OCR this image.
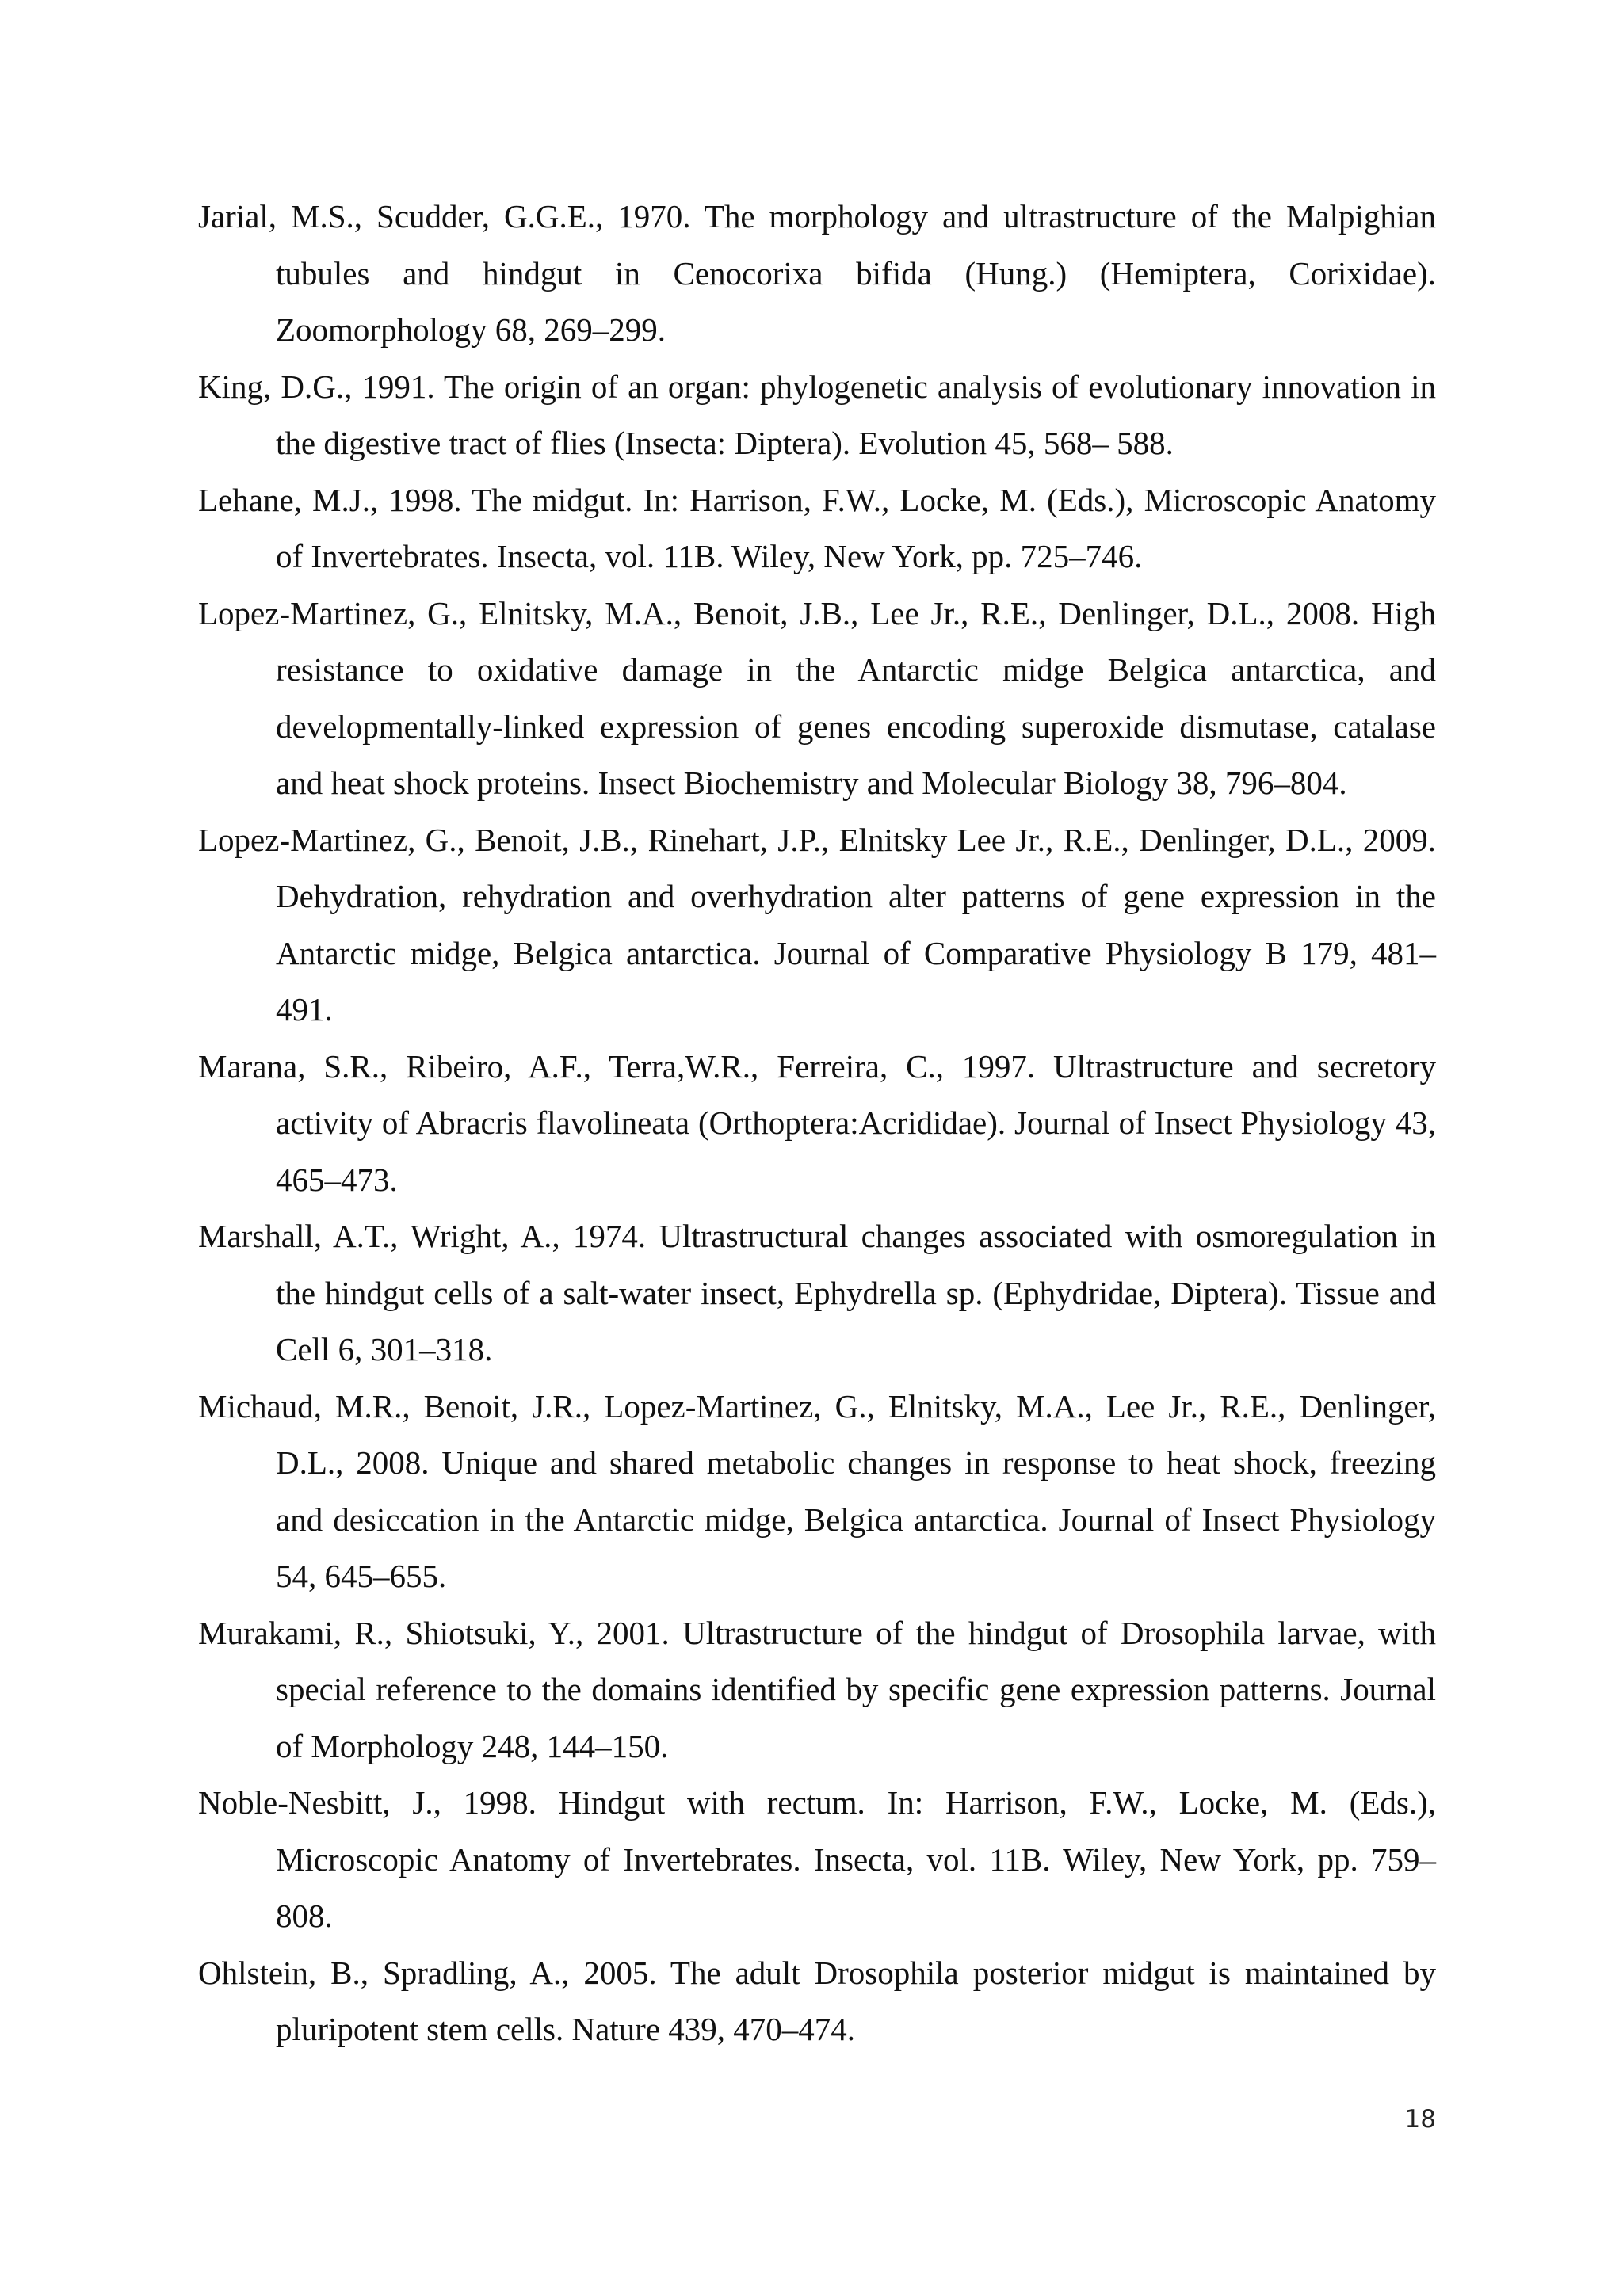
Jarial, M.S., Scudder, G.G.E., 1970. The morphology and ultrastructure of the Malpighian tubules and hindgut in Cenocorixa bifida (Hung.) (Hemiptera, Corixidae). Zoomorphology 68, 269–299.
King, D.G., 1991. The origin of an organ: phylogenetic analysis of evolutionary innovation in the digestive tract of flies (Insecta: Diptera). Evolution 45, 568– 588.
Lehane, M.J., 1998. The midgut. In: Harrison, F.W., Locke, M. (Eds.), Microscopic Anatomy of Invertebrates. Insecta, vol. 11B. Wiley, New York, pp. 725–746.
Lopez-Martinez, G., Elnitsky, M.A., Benoit, J.B., Lee Jr., R.E., Denlinger, D.L., 2008. High resistance to oxidative damage in the Antarctic midge Belgica antarctica, and developmentally-linked expression of genes encoding superoxide dismutase, catalase and heat shock proteins. Insect Biochemistry and Molecular Biology 38, 796–804.
Lopez-Martinez, G., Benoit, J.B., Rinehart, J.P., Elnitsky Lee Jr., R.E., Denlinger, D.L., 2009. Dehydration, rehydration and overhydration alter patterns of gene expression in the Antarctic midge, Belgica antarctica. Journal of Comparative Physiology B 179, 481–491.
Marana, S.R., Ribeiro, A.F., Terra,W.R., Ferreira, C., 1997. Ultrastructure and secretory activity of Abracris flavolineata (Orthoptera:Acrididae). Journal of Insect Physiology 43, 465–473.
Marshall, A.T., Wright, A., 1974. Ultrastructural changes associated with osmoregulation in the hindgut cells of a salt-water insect, Ephydrella sp. (Ephydridae, Diptera). Tissue and Cell 6, 301–318.
Michaud, M.R., Benoit, J.R., Lopez-Martinez, G., Elnitsky, M.A., Lee Jr., R.E., Denlinger, D.L., 2008. Unique and shared metabolic changes in response to heat shock, freezing and desiccation in the Antarctic midge, Belgica antarctica. Journal of Insect Physiology 54, 645–655.
Murakami, R., Shiotsuki, Y., 2001. Ultrastructure of the hindgut of Drosophila larvae, with special reference to the domains identified by specific gene expression patterns. Journal of Morphology 248, 144–150.
Noble-Nesbitt, J., 1998. Hindgut with rectum. In: Harrison, F.W., Locke, M. (Eds.), Microscopic Anatomy of Invertebrates. Insecta, vol. 11B. Wiley, New York, pp. 759–808.
Ohlstein, B., Spradling, A., 2005. The adult Drosophila posterior midgut is maintained by pluripotent stem cells. Nature 439, 470–474.
18
